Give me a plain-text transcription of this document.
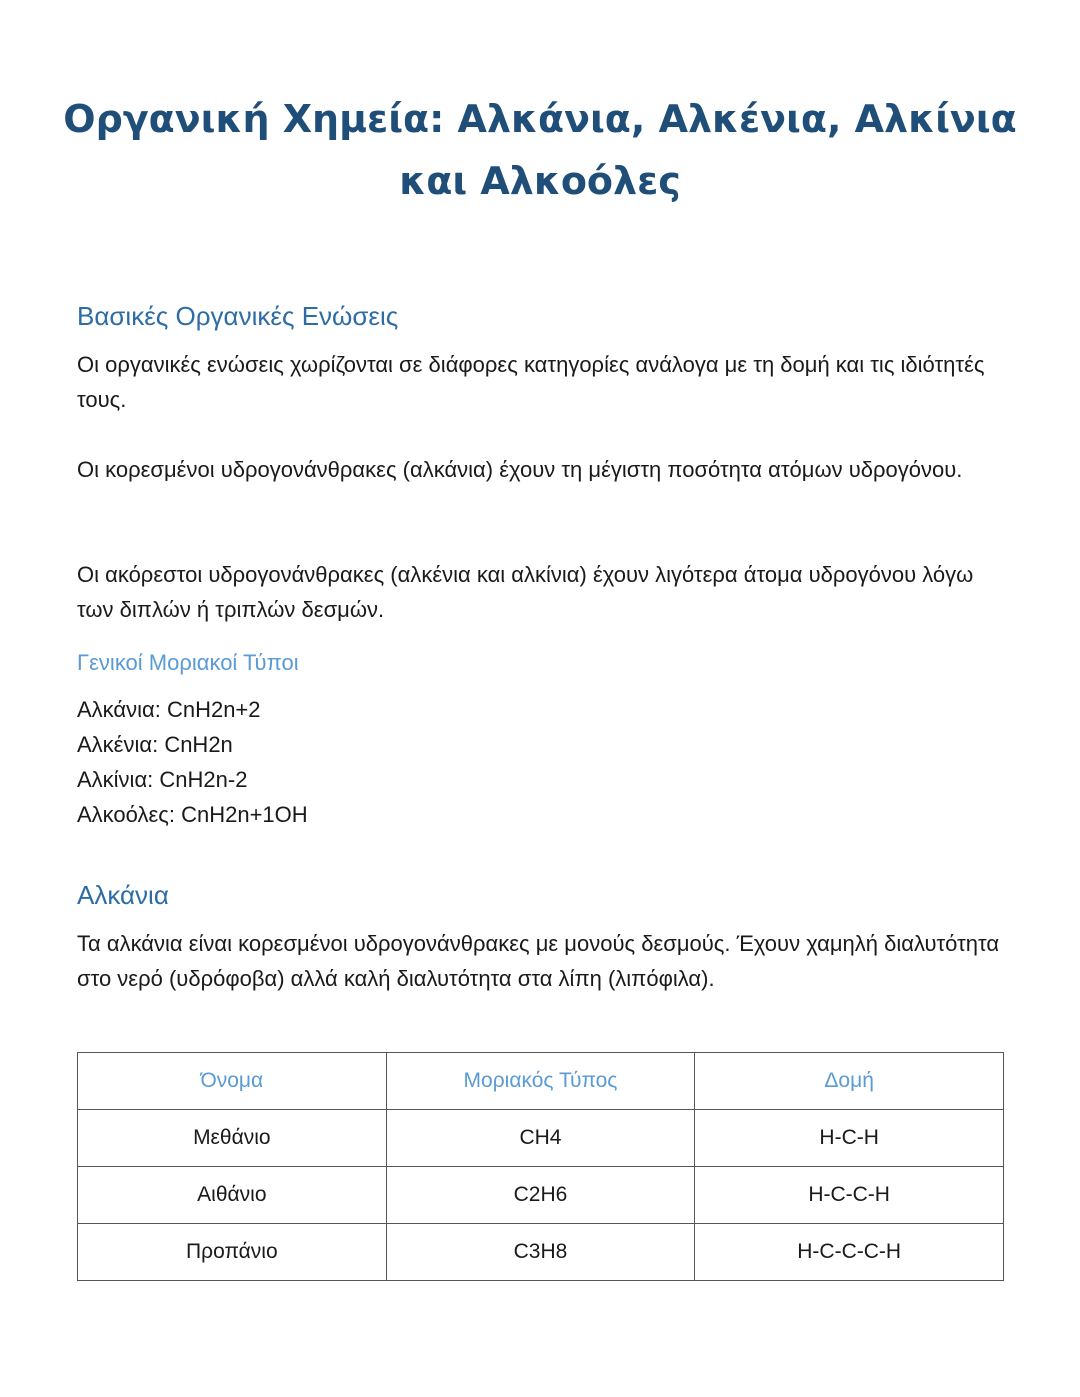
Οργανική Χημεία: Αλκάνια, Αλκένια, Αλκίνια και Αλκοόλες
Βασικές Οργανικές Ενώσεις

Οι οργανικές ενώσεις χωρίζονται σε διάφορες κατηγορίες ανάλογα με τη δομή και τις ιδιότητές τους.

Οι κορεσμένοι υδρογονάνθρακες (αλκάνια) έχουν τη μέγιστη ποσότητα ατόμων υδρογόνου.

Οι ακόρεστοι υδρογονάνθρακες (αλκένια και αλκίνια) έχουν λιγότερα άτομα υδρογόνου λόγω των διπλών ή τριπλών δεσμών.

Γενικοί Μοριακοί Τύποι
Αλκάνια: CnH2n+2
Αλκένια: CnH2n
Αλκίνια: CnH2n-2
Αλκοόλες: CnH2n+1OH
Αλκάνια

Τα αλκάνια είναι κορεσμένοι υδρογονάνθρακες με μονούς δεσμούς. Έχουν χαμηλή διαλυτότητα στο νερό (υδρόφοβα) αλλά καλή διαλυτότητα στα λίπη (λιπόφιλα).

Όνομα	Μοριακός Τύπος	Δομή
Μεθάνιο	CH4	H-C-H
Αιθάνιο	C2H6	H-C-C-H
Προπάνιο	C3H8	H-C-C-C-H
